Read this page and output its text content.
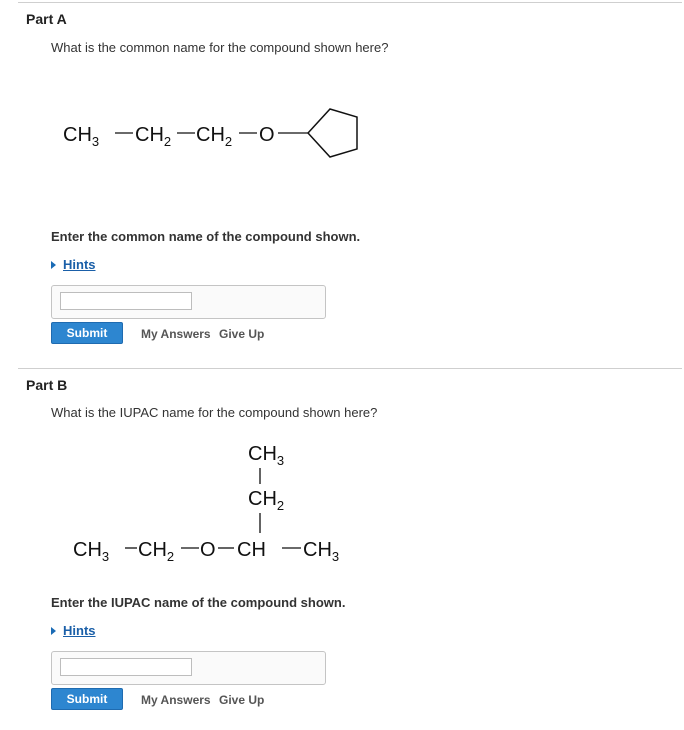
Part A
What is the common name for the compound shown here?
$CH_3$ $CH_2$ $CH_2$ O
Enter the common name of the compound shown.
Hints
Submit	My Answers Give Up
Part B
What is the IUPAC name for the compound shown here?
$CH_3$
$CH_2$
$CH_3$ $CH_2$ O CH $CH_3$
Enter the IUPAC name of the compound shown.
Hints
Submit	My Answers Give Up
